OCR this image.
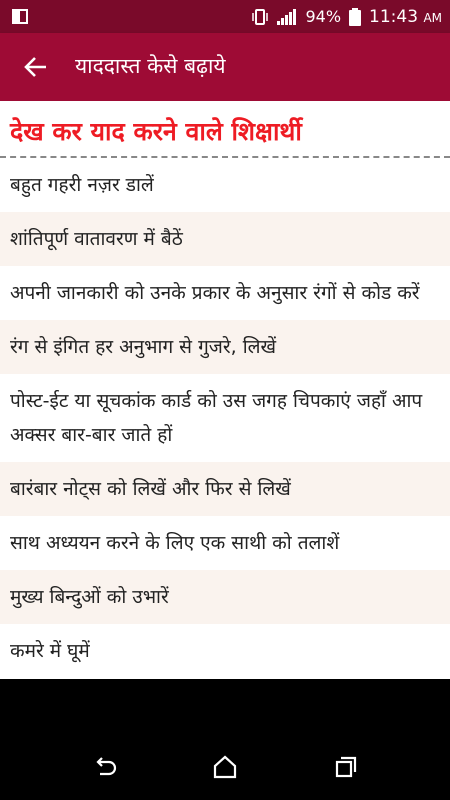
94% 11:43 AM
याददास्त केसे बढ़ाये
देख कर याद करने वाले शिक्षार्थी
बहुत गहरी नज़र डालें
शांतिपूर्ण वातावरण में बैठें
अपनी जानकारी को उनके प्रकार के अनुसार रंगों से कोड करें
रंग से इंगित हर अनुभाग से गुजरे, लिखें
पोस्ट-ईट या सूचकांक कार्ड को उस जगह चिपकाएं जहाँ आप अक्सर बार-बार जाते हों
बारंबार नोट्स को लिखें और फिर से लिखें
साथ अध्ययन करने के लिए एक साथी को तलाशें
मुख्य बिन्दुओं को उभारें
कमरे में घूमें
